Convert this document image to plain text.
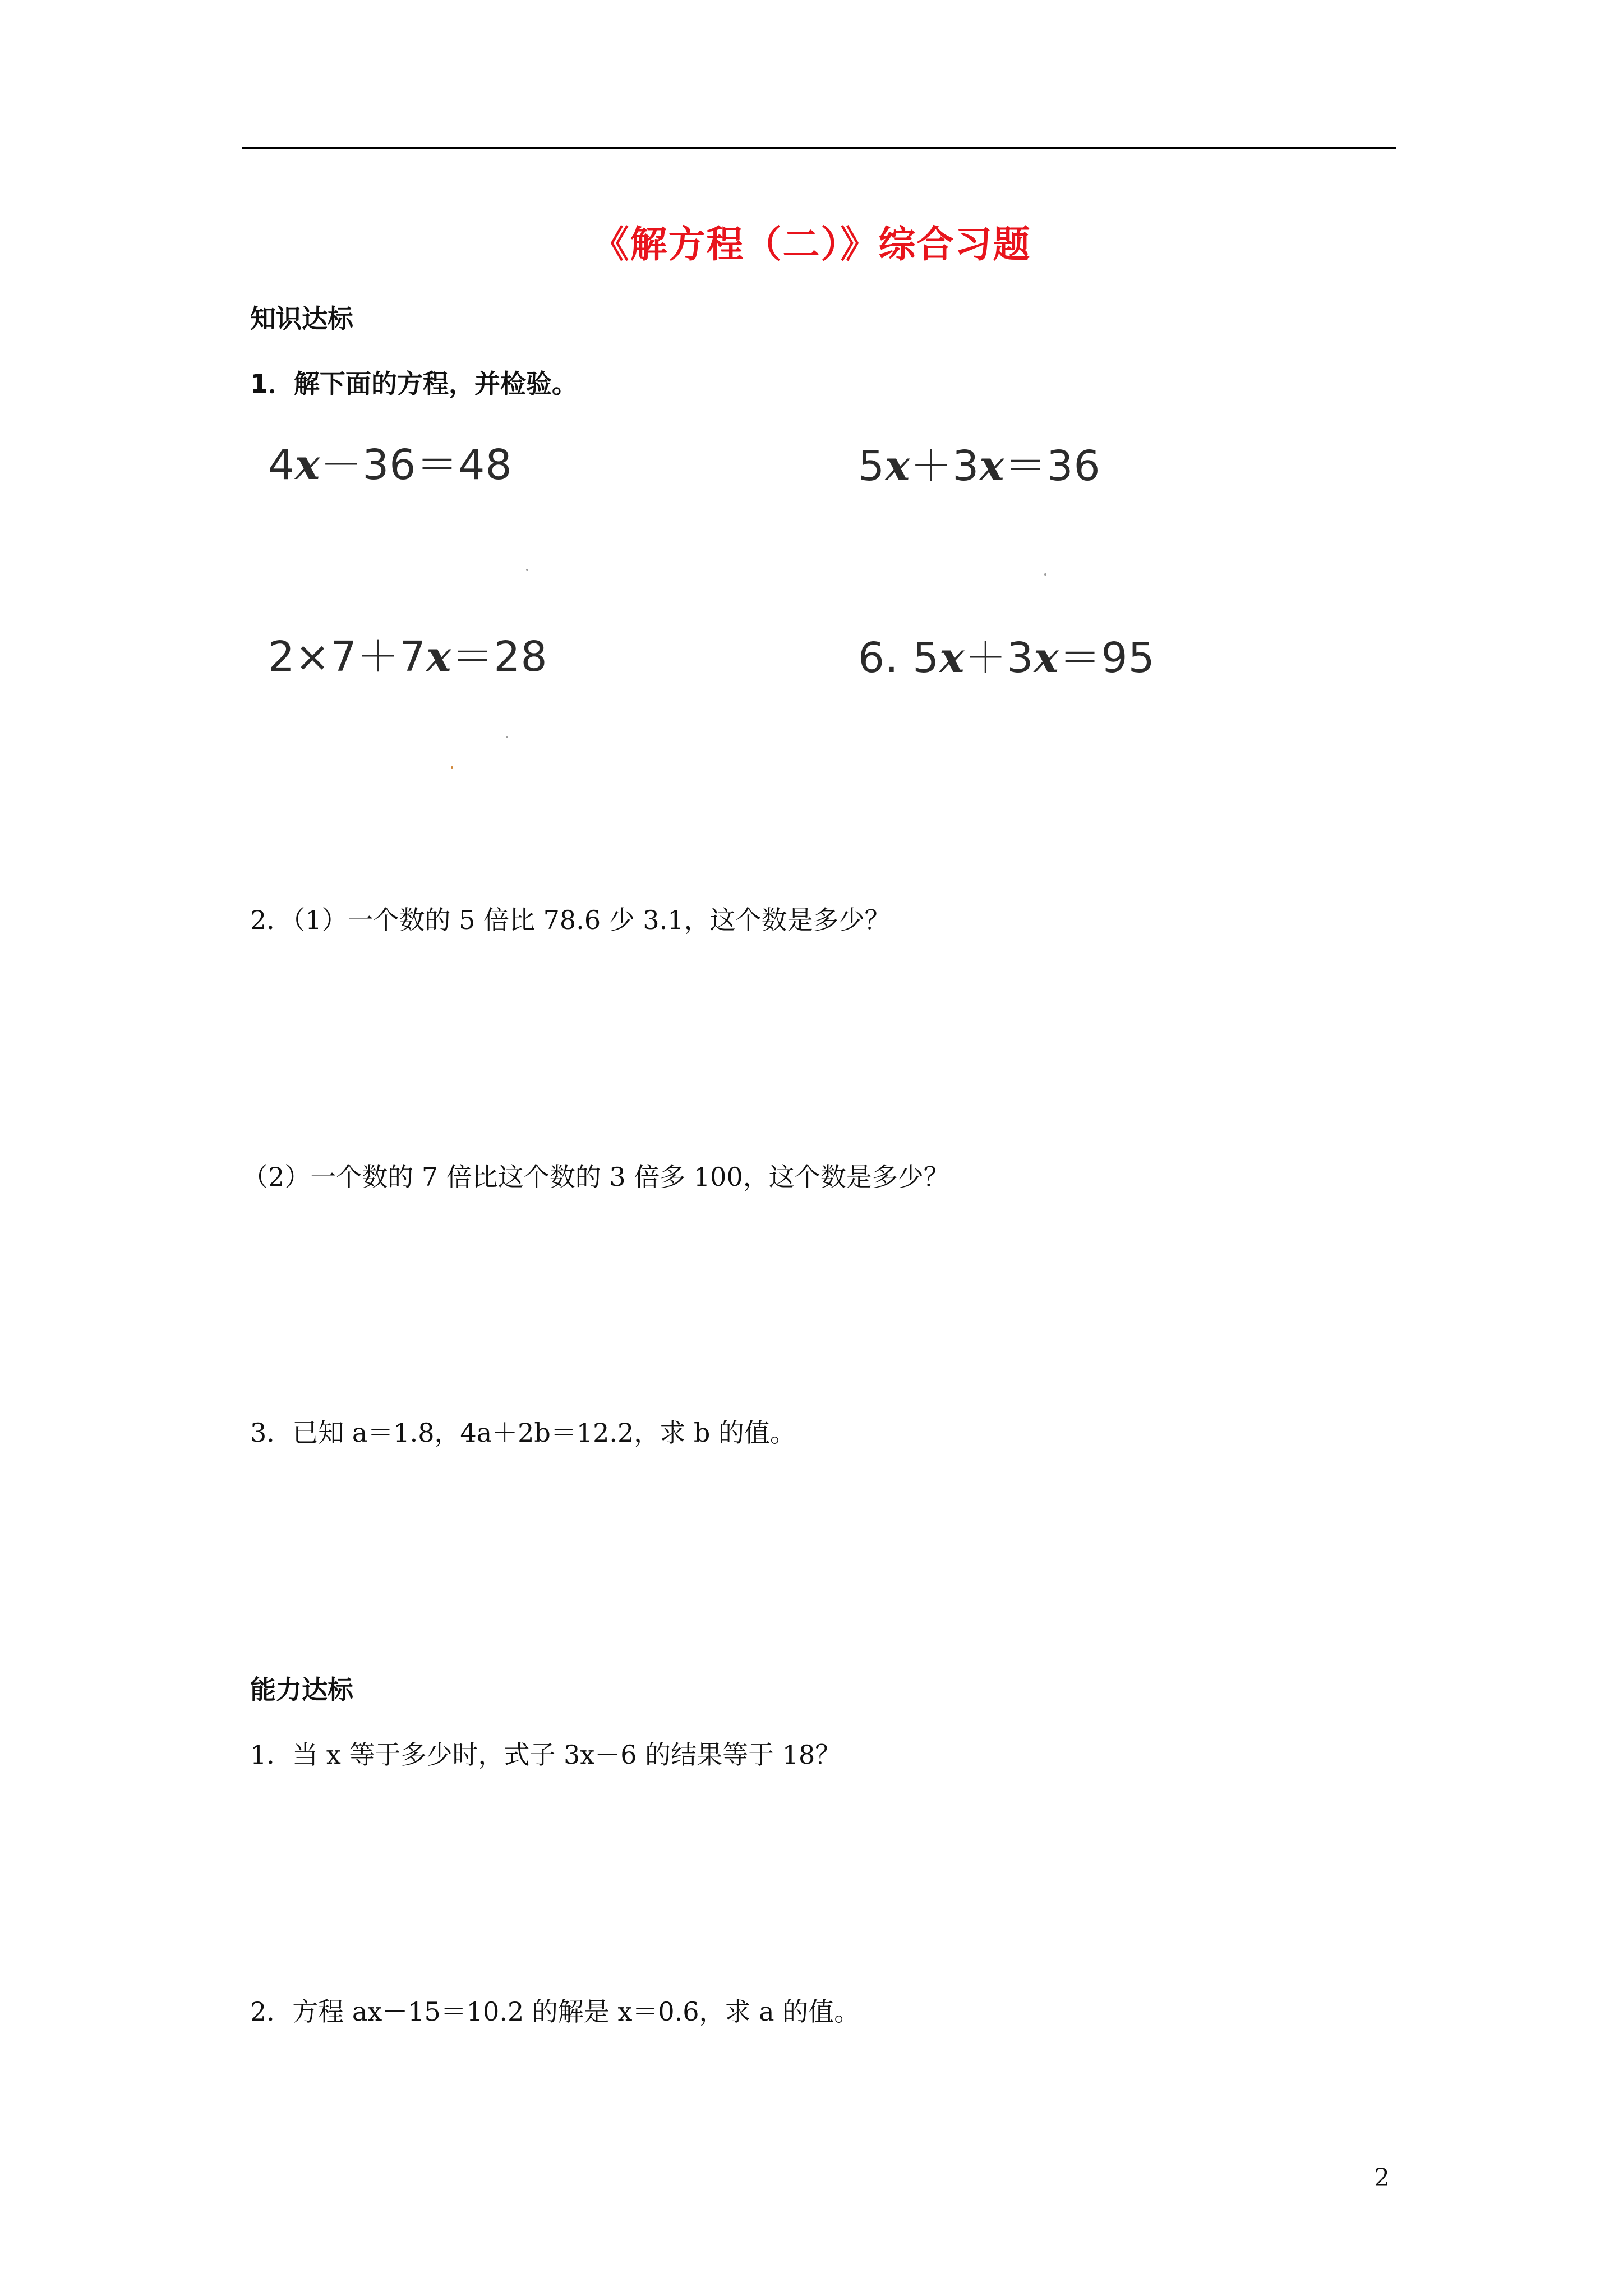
《解方程（二）》综合习题
知识达标
1．解下面的方程，并检验。
4x－36＝48	5x＋3x＝36
2×7＋7x＝28	6. 5x＋3x＝95
2．（1）一个数的 5 倍比 78.6 少 3.1，这个数是多少？
（2）一个数的 7 倍比这个数的 3 倍多 100，这个数是多少？
3．已知 a＝1.8，4a＋2b＝12.2，求 b 的值。
能力达标
1．当 x 等于多少时，式子 3x－6 的结果等于 18？
2．方程 ax－15＝10.2 的解是 x＝0.6，求 a 的值。
2
